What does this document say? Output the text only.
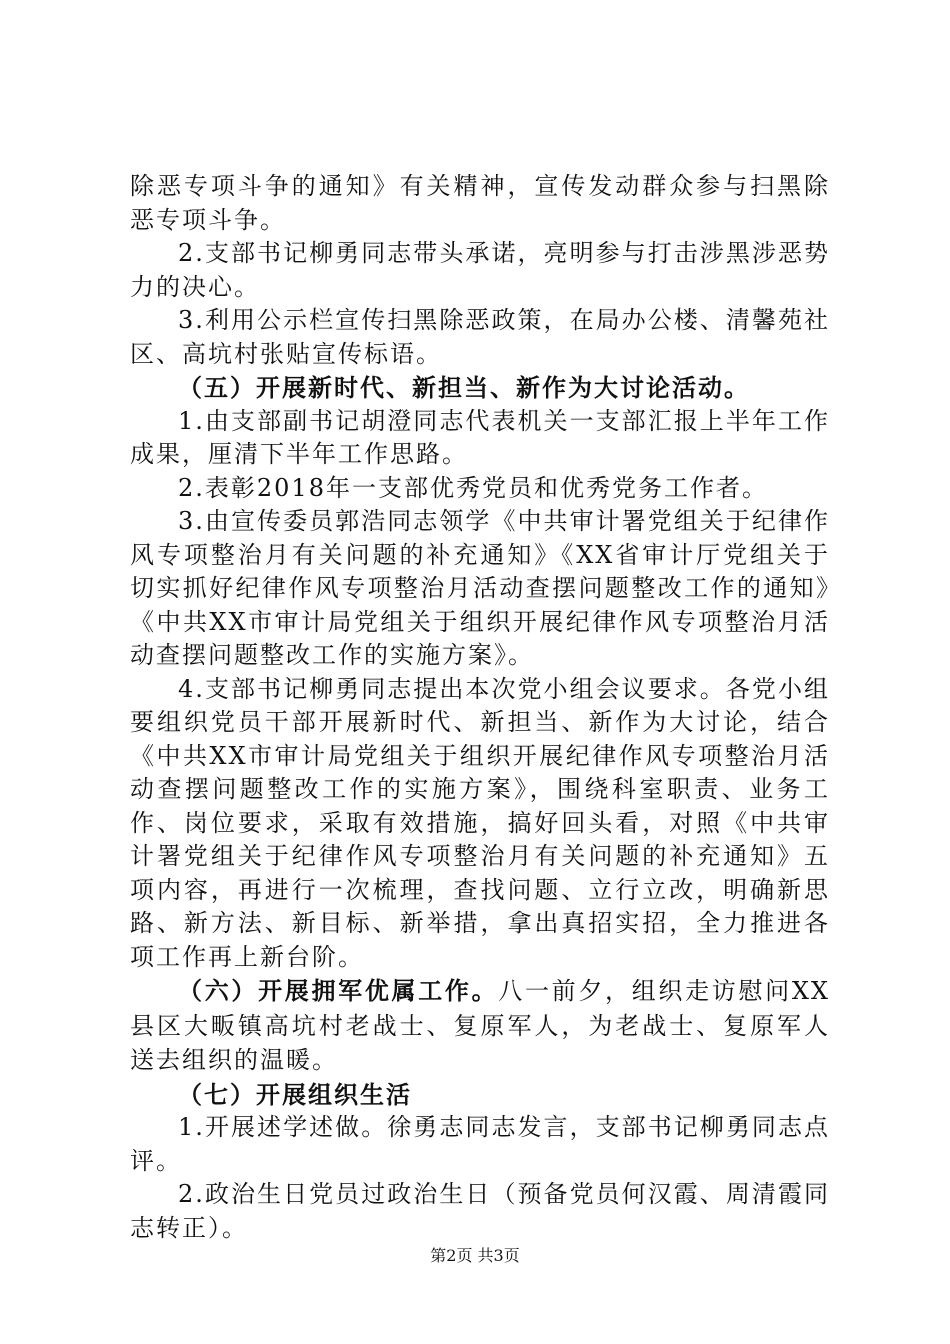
除恶专项斗争的通知》有关精神，宣传发动群众参与扫黑除恶专项斗争。

2.支部书记柳勇同志带头承诺，亮明参与打击涉黑涉恶势力的决心。

3.利用公示栏宣传扫黑除恶政策，在局办公楼、清馨苑社区、高坑村张贴宣传标语。

（五）开展新时代、新担当、新作为大讨论活动。

1.由支部副书记胡澄同志代表机关一支部汇报上半年工作成果，厘清下半年工作思路。

2.表彰2018年一支部优秀党员和优秀党务工作者。

3.由宣传委员郭浩同志领学《中共审计署党组关于纪律作风专项整治月有关问题的补充通知》《XX省审计厅党组关于切实抓好纪律作风专项整治月活动查摆问题整改工作的通知》《中共XX市审计局党组关于组织开展纪律作风专项整治月活动查摆问题整改工作的实施方案》。

4.支部书记柳勇同志提出本次党小组会议要求。各党小组要组织党员干部开展新时代、新担当、新作为大讨论，结合《中共XX市审计局党组关于组织开展纪律作风专项整治月活动查摆问题整改工作的实施方案》，围绕科室职责、业务工作、岗位要求，采取有效措施，搞好回头看，对照《中共审计署党组关于纪律作风专项整治月有关问题的补充通知》五项内容，再进行一次梳理，查找问题、立行立改，明确新思路、新方法、新目标、新举措，拿出真招实招，全力推进各项工作再上新台阶。

（六）开展拥军优属工作。八一前夕，组织走访慰问XX县区大畈镇高坑村老战士、复原军人，为老战士、复原军人送去组织的温暖。

（七）开展组织生活

1.开展述学述做。徐勇志同志发言，支部书记柳勇同志点评。

2.政治生日党员过政治生日（预备党员何汉霞、周清霞同志转正）。

第2页 共3页
